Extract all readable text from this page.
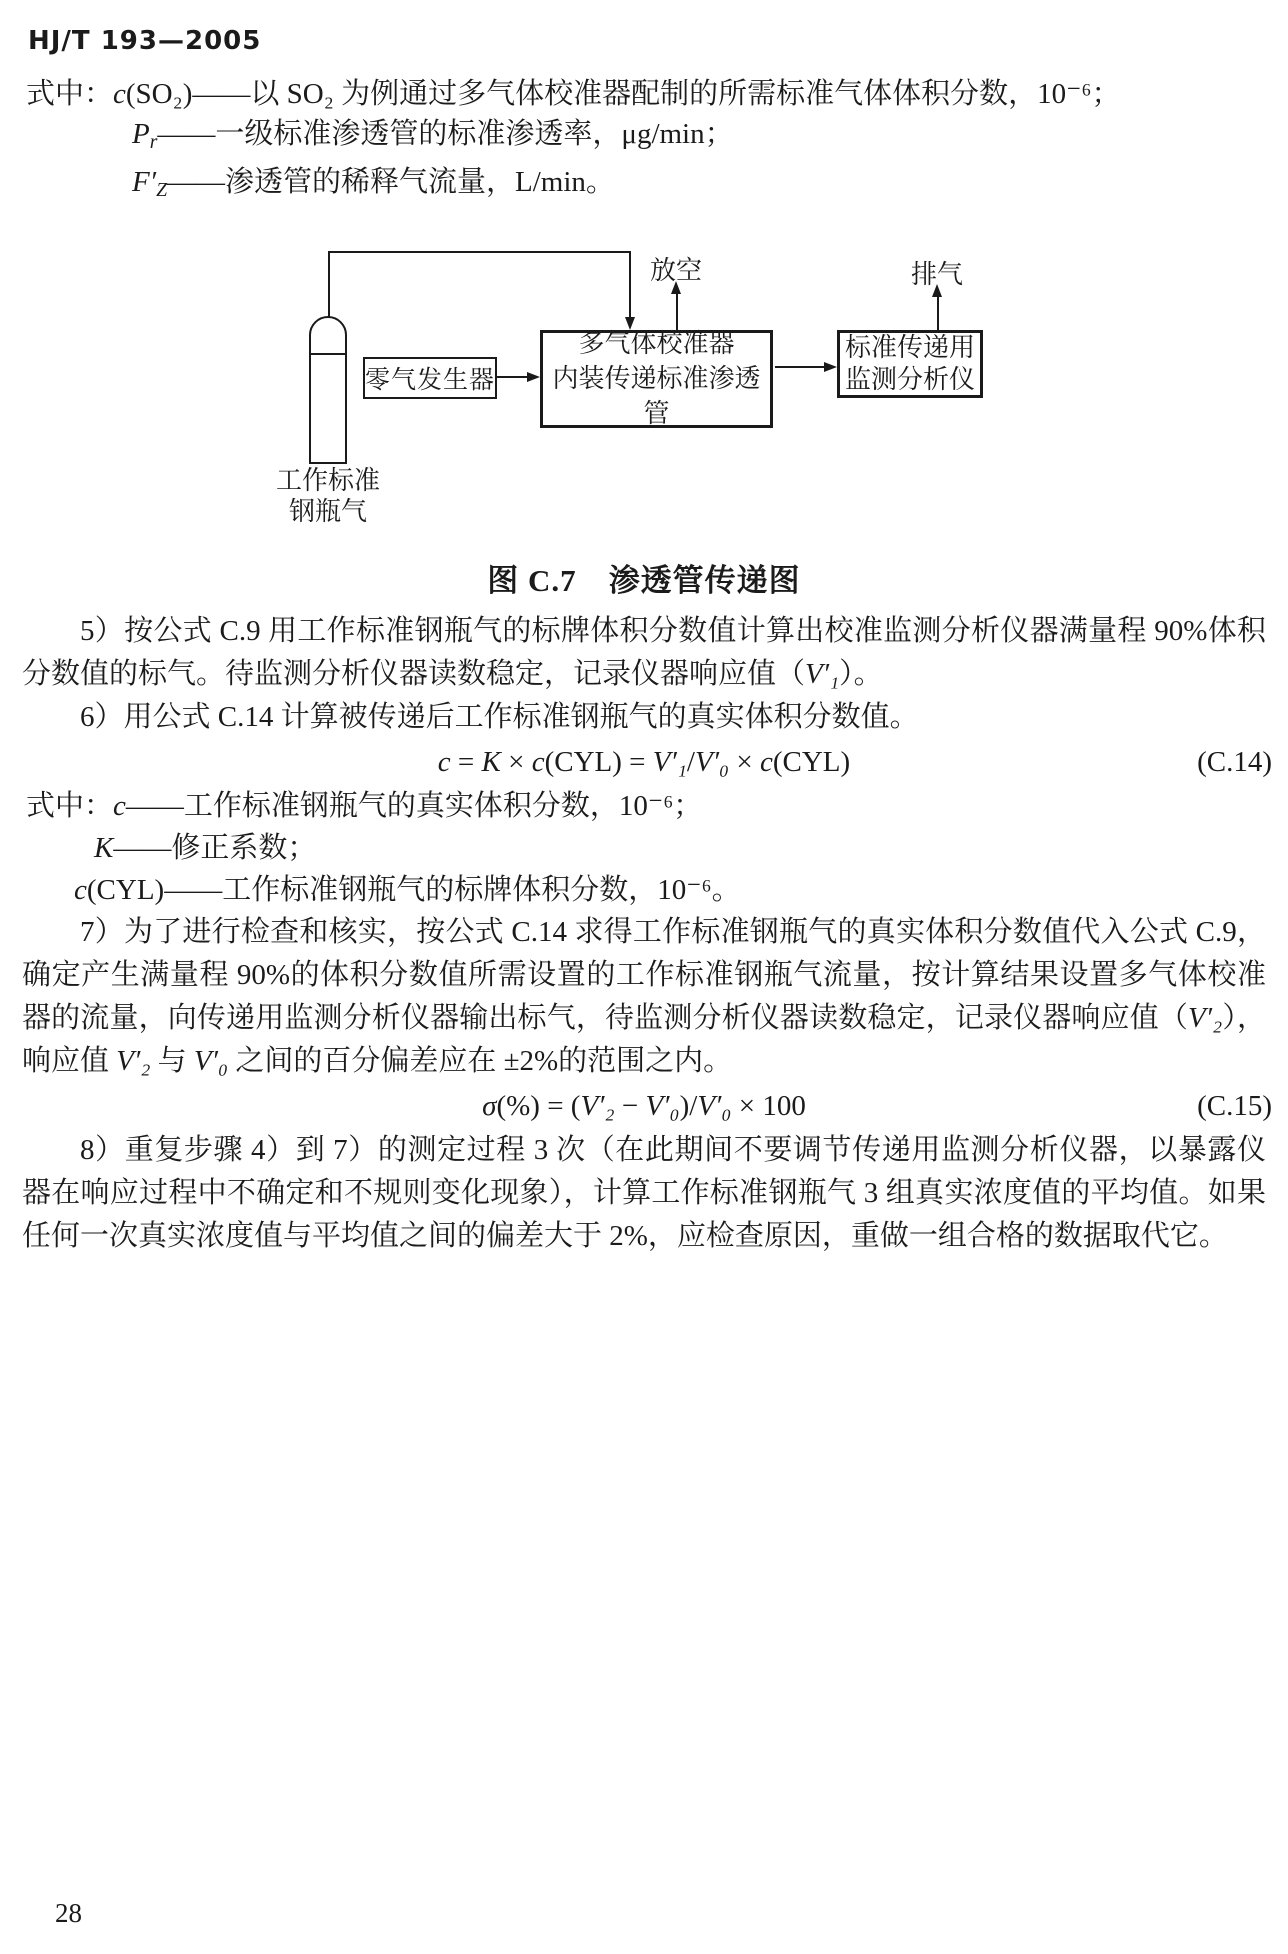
HJ/T 193—2005
式中：c(SO₂)——以 SO₂ 为例通过多气体校准器配制的所需标准气体体积分数，10⁻⁶；
$P_r——$一级标准渗透管的标准渗透率，μg/min；
$F'_Z——$渗透管的稀释气流量，L/min。
工作标准
钢瓶气
零气发生器
多气体校准器
内装传递标准渗透管
放空
标准传递用
监测分析仪
排气
图 C.7　渗透管传递图

5）按公式 C.9 用工作标准钢瓶气的标牌体积分数值计算出校准监测分析仪器满量程 90%体积分数值的标气。待监测分析仪器读数稳定，记录仪器响应值（V′₁）。

6）用公式 C.14 计算被传递后工作标准钢瓶气的真实体积分数值。

c = K × c(CYL) = V′₁/V′₀ × c(CYL)	(C.14)
式中：c——工作标准钢瓶气的真实体积分数，10⁻⁶；
K——修正系数；
c(CYL)——工作标准钢瓶气的标牌体积分数，10⁻⁶。

7）为了进行检查和核实，按公式 C.14 求得工作标准钢瓶气的真实体积分数值代入公式 C.9，确定产生满量程 90%的体积分数值所需设置的工作标准钢瓶气流量，按计算结果设置多气体校准器的流量，向传递用监测分析仪器输出标气，待监测分析仪器读数稳定，记录仪器响应值（V′₂），响应值 V′₂ 与 V′₀ 之间的百分偏差应在 ±2%的范围之内。

σ(%) = (V′₂ − V′₀)/V′₀ × 100	(C.15)

8）重复步骤 4）到 7）的测定过程 3 次（在此期间不要调节传递用监测分析仪器，以暴露仪器在响应过程中不确定和不规则变化现象），计算工作标准钢瓶气 3 组真实浓度值的平均值。如果任何一次真实浓度值与平均值之间的偏差大于 2%，应检查原因，重做一组合格的数据取代它。

28
